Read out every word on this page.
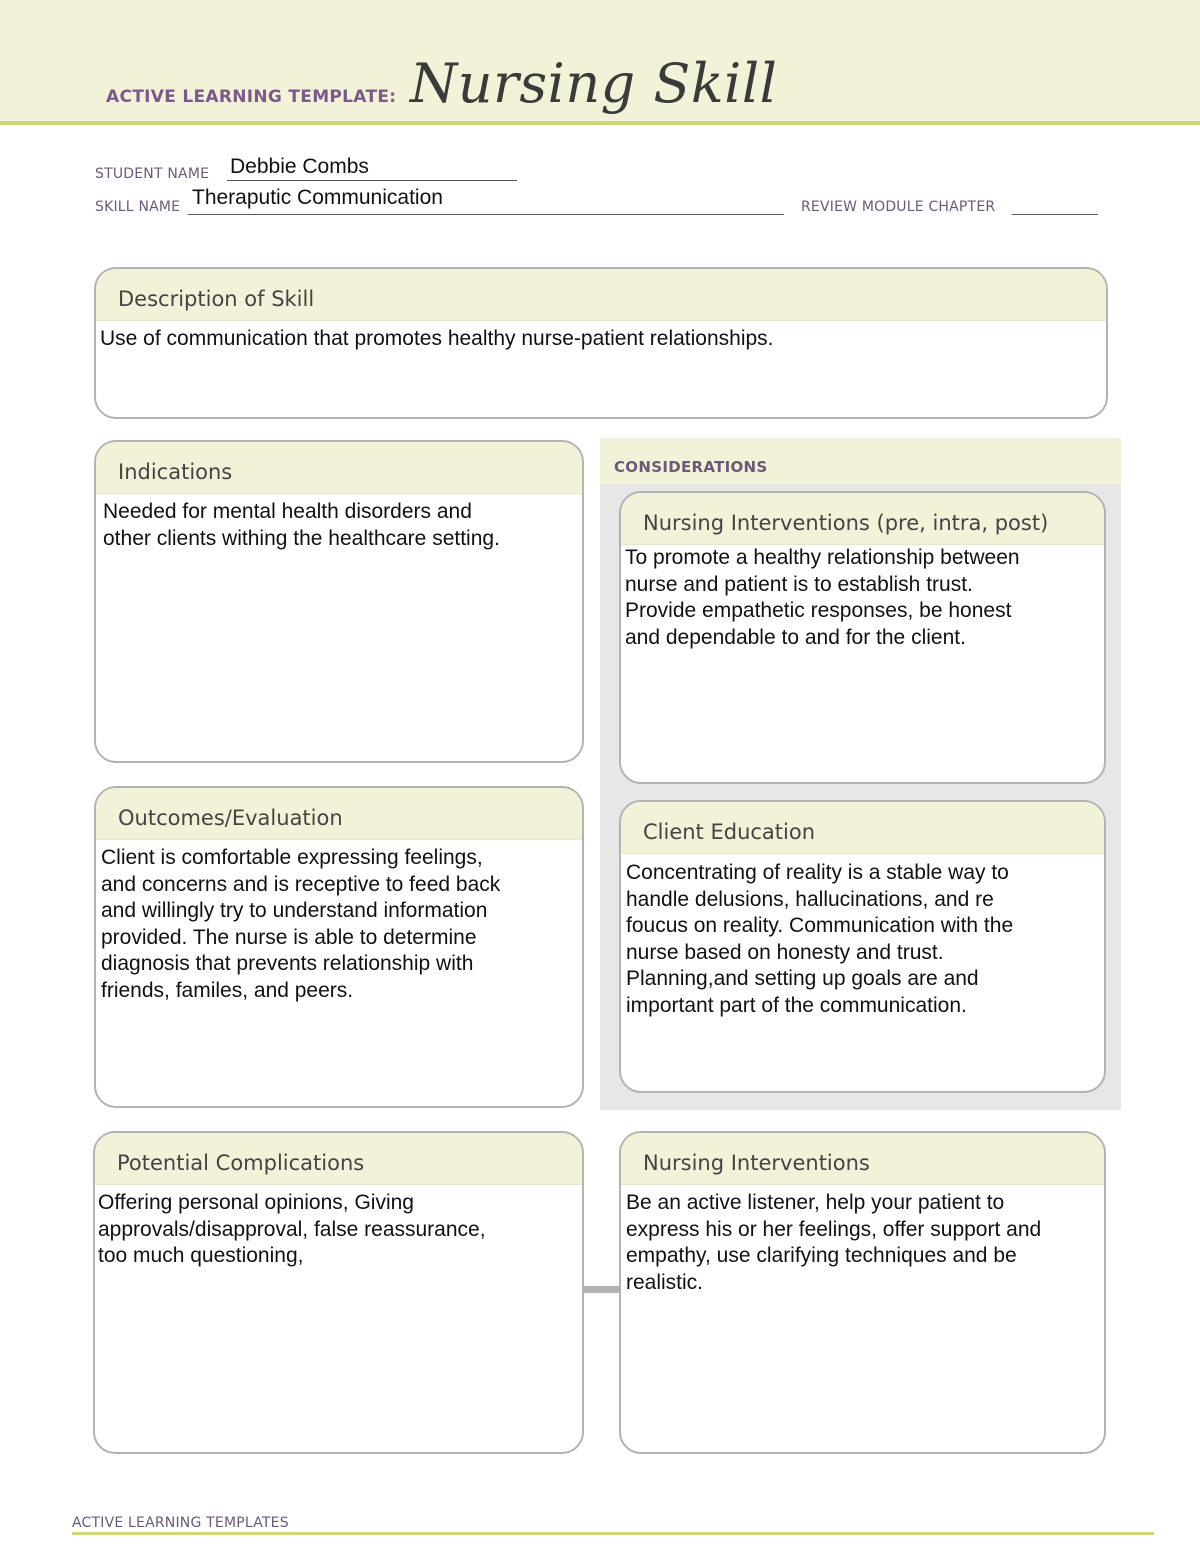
ACTIVE LEARNING TEMPLATE: Nursing Skill
STUDENT NAME Debbie Combs
SKILL NAME Theraputic Communication	REVIEW MODULE CHAPTER
Description of Skill
Use of communication that promotes healthy nurse-patient relationships.
Indications
Needed for mental health disorders and
other clients withing the healthcare setting.
Outcomes/Evaluation
Client is comfortable expressing feelings,
and concerns and is receptive to feed back
and willingly try to understand information
provided. The nurse is able to determine
diagnosis that prevents relationship with
friends, familes, and peers.
CONSIDERATIONS
Nursing Interventions (pre, intra, post)
To promote a healthy relationship between
nurse and patient is to establish trust.
Provide empathetic responses, be honest
and dependable to and for the client.
Client Education
Concentrating of reality is a stable way to
handle delusions, hallucinations, and re
foucus on reality. Communication with the
nurse based on honesty and trust.
Planning,and setting up goals are and
important part of the communication.
Potential Complications
Offering personal opinions, Giving
approvals/disapproval, false reassurance,
too much questioning,
Nursing Interventions
Be an active listener, help your patient to
express his or her feelings, offer support and
empathy, use clarifying techniques and be
realistic.
ACTIVE LEARNING TEMPLATES
